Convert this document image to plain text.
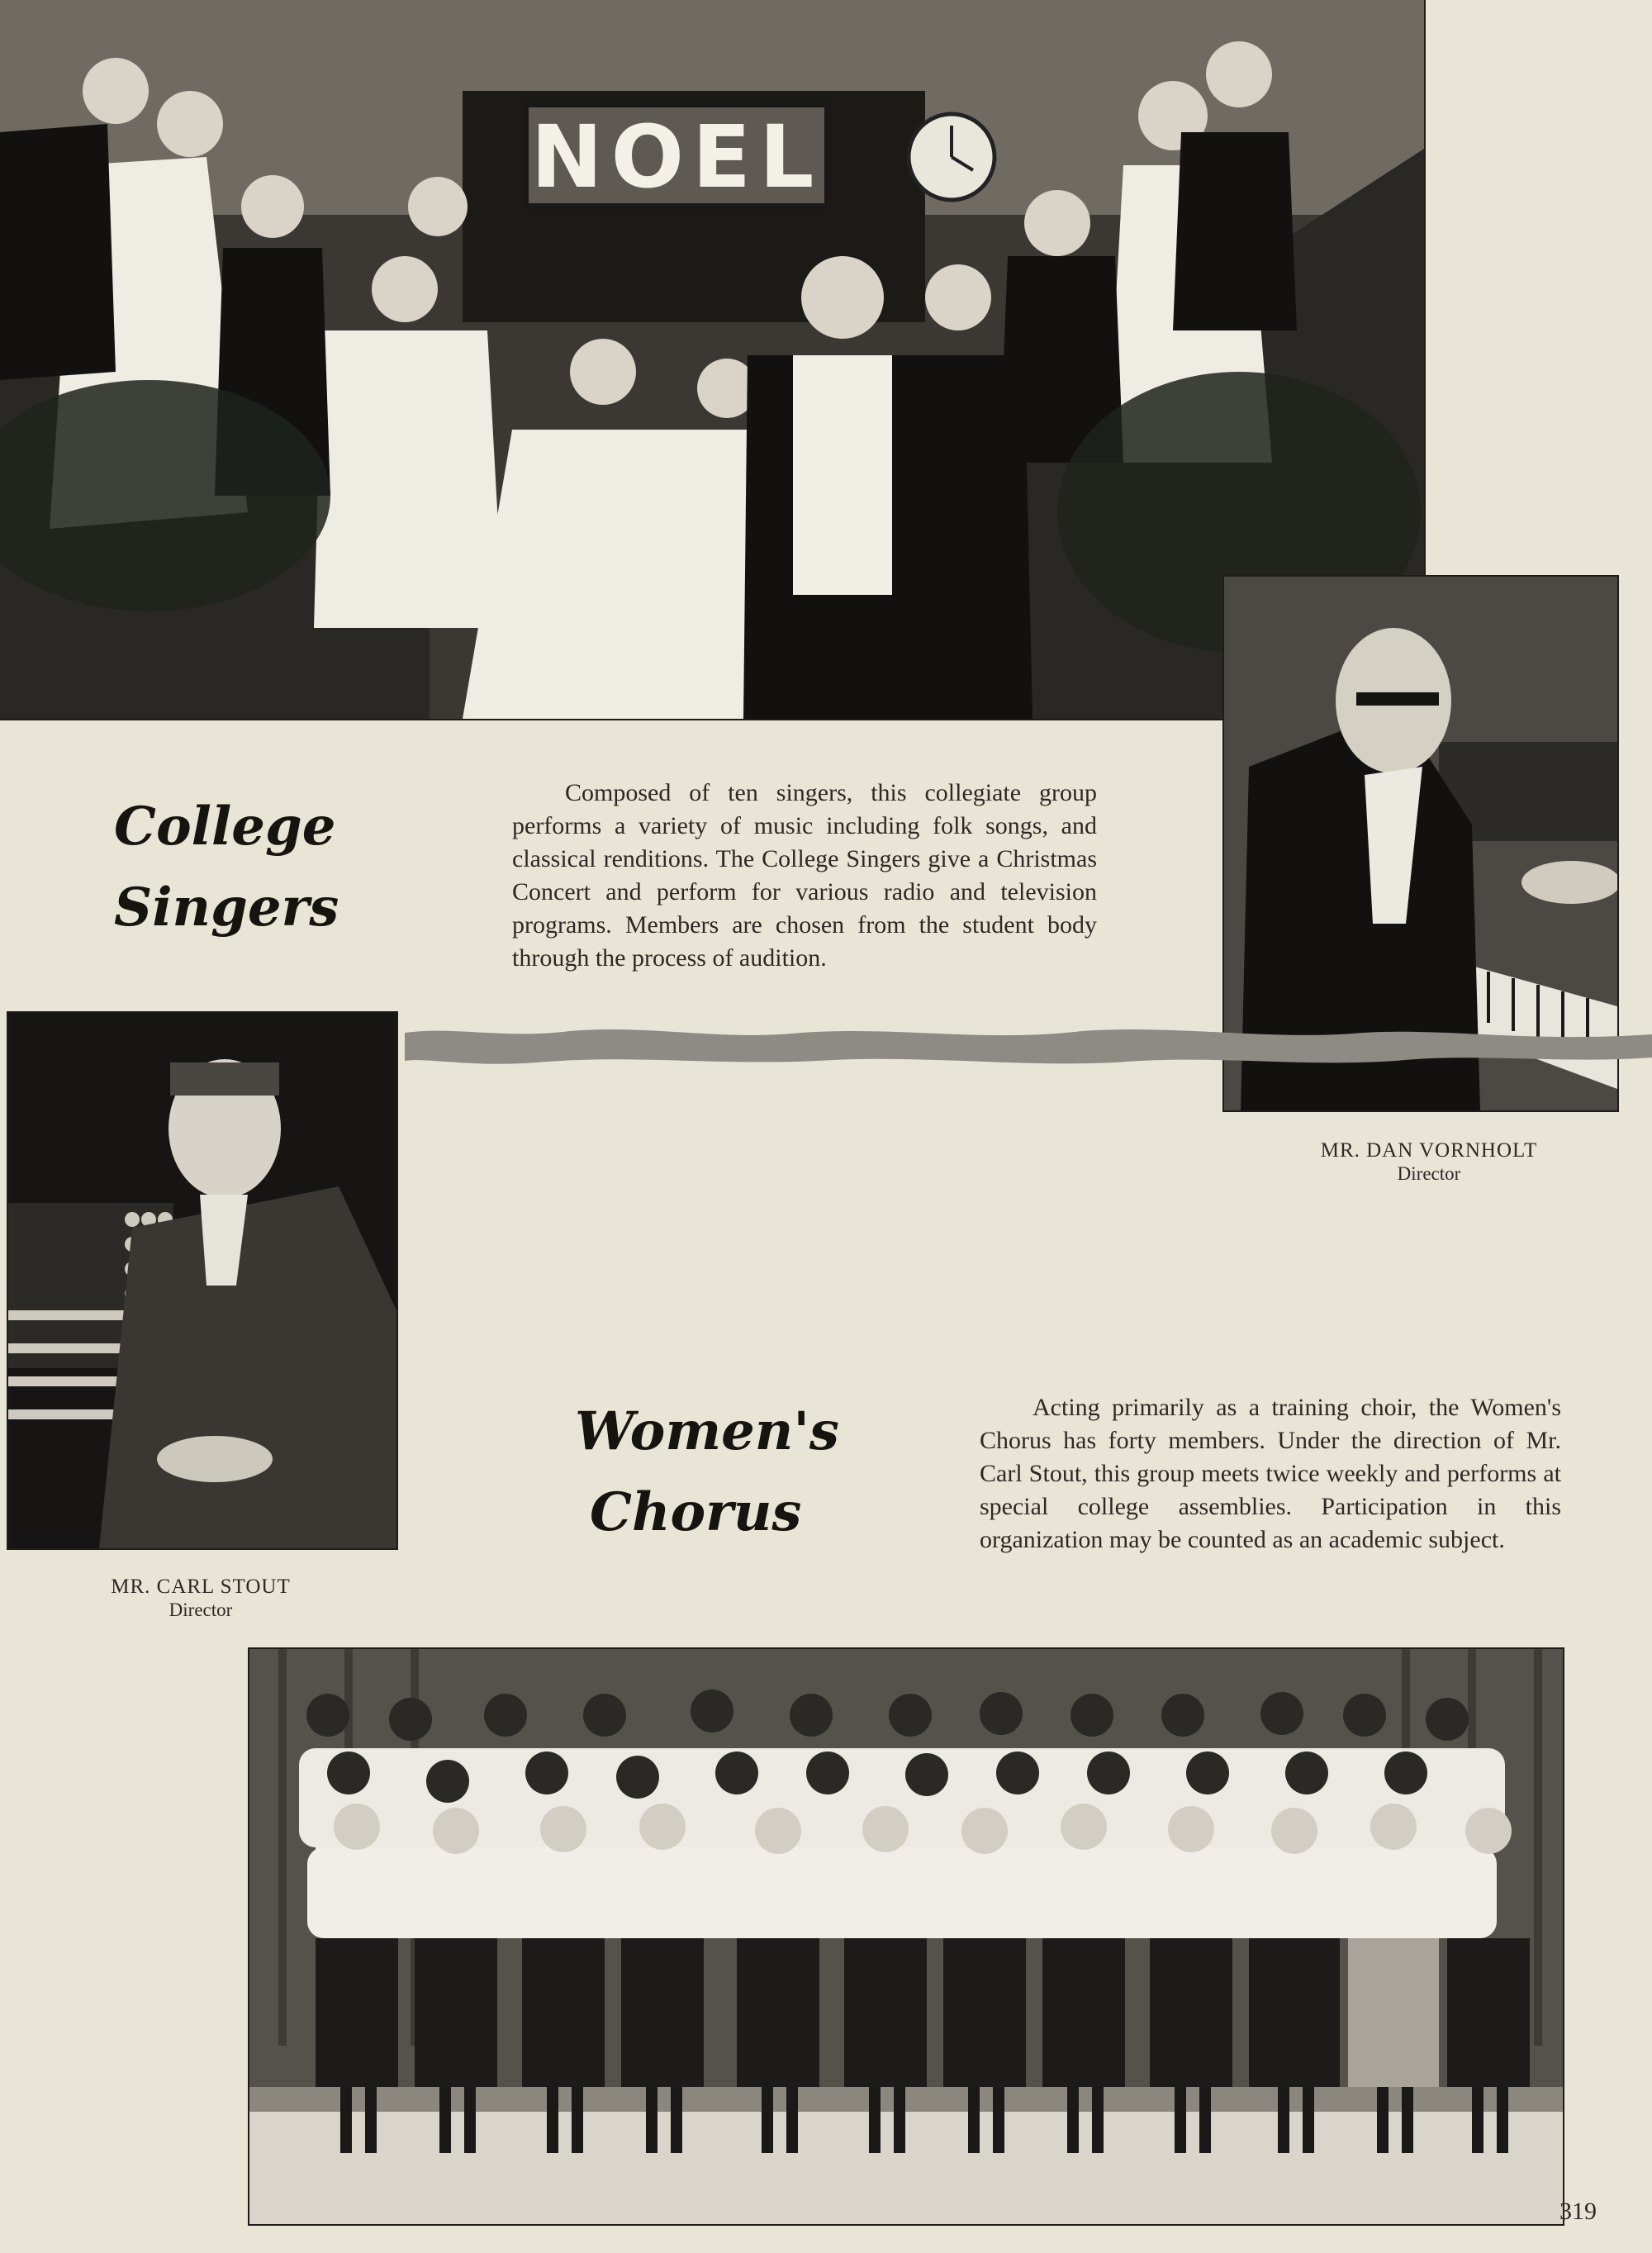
NOEL
College
Singers
Composed of ten singers, this collegiate group performs a variety of music including folk songs, and classical renditions. The College Singers give a Christmas Concert and perform for various radio and television programs. Members are chosen from the student body through the process of audition.
MR. DAN VORNHOLT
Director
MR. CARL STOUT
Director
Women's
Chorus
Acting primarily as a training choir, the Women's Chorus has forty members. Under the direction of Mr. Carl Stout, this group meets twice weekly and performs at special college assemblies. Participation in this organization may be counted as an academic subject.
319
